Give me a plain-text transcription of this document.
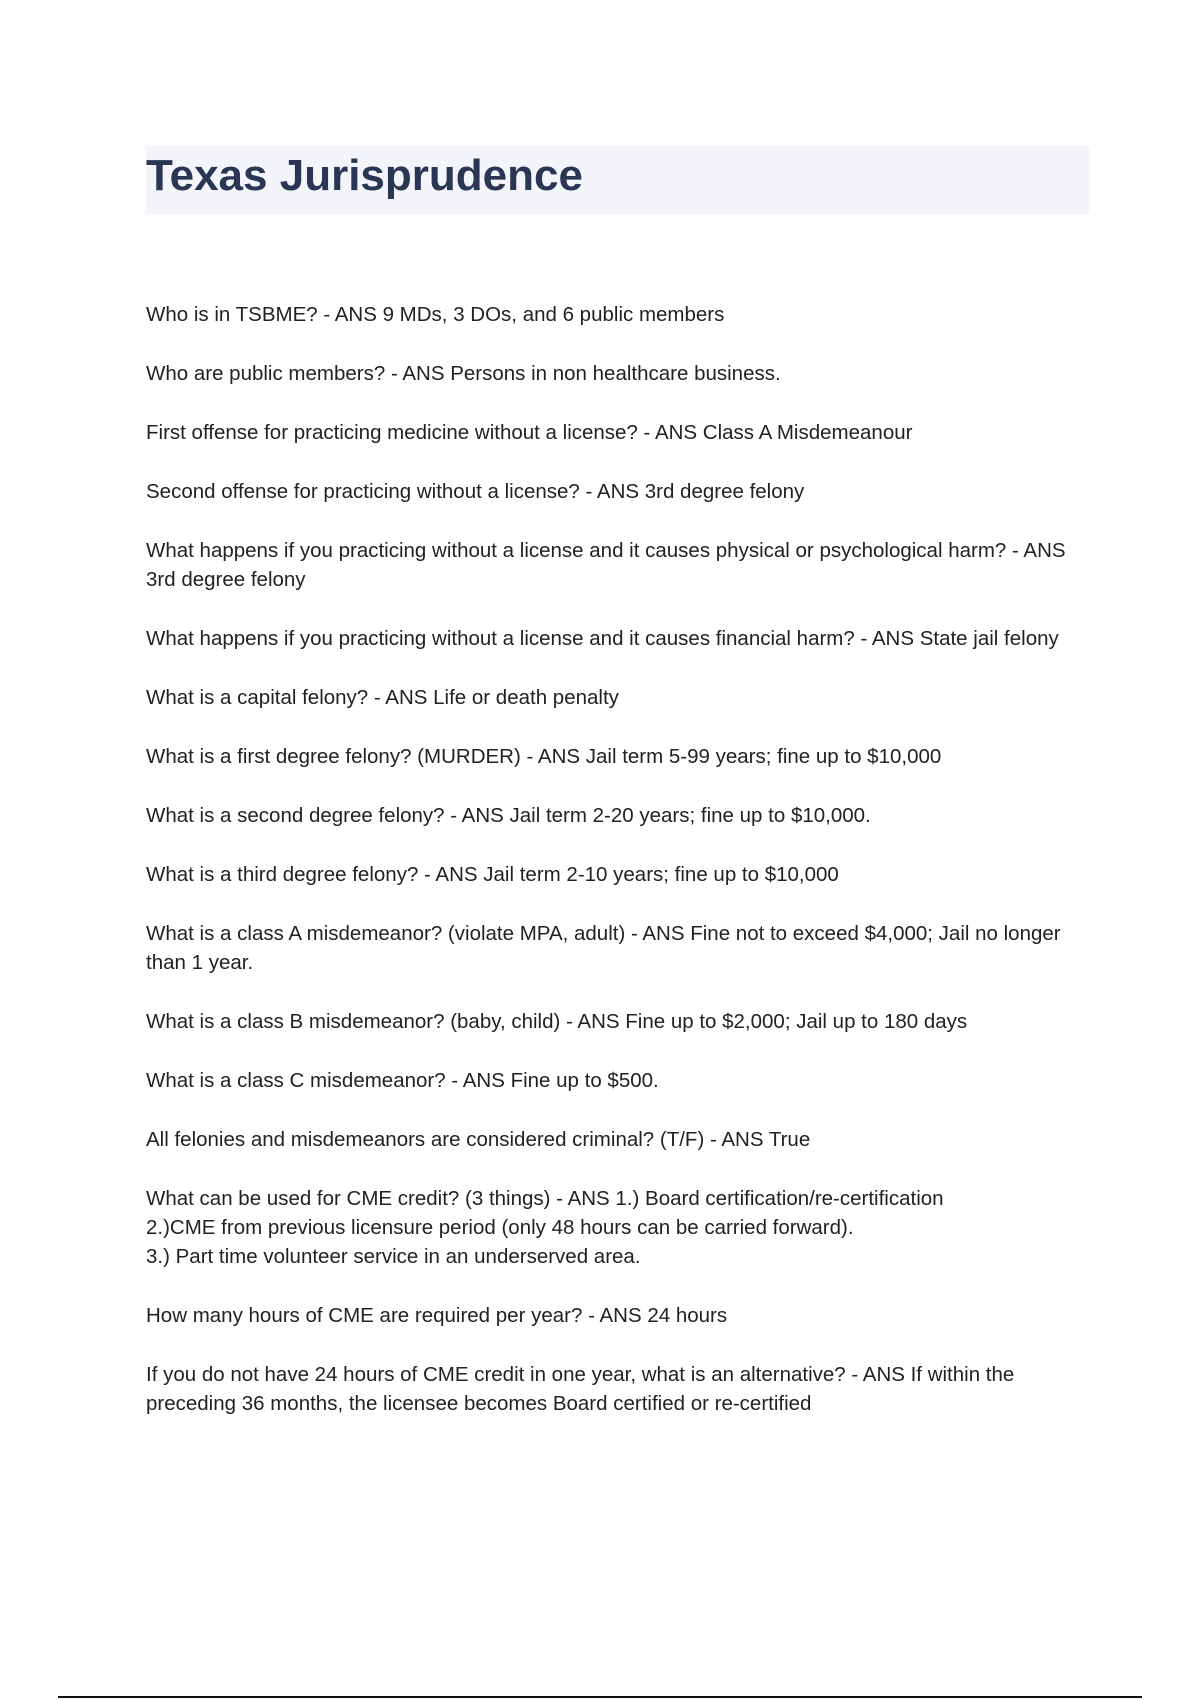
Texas Jurisprudence
Who is in TSBME? - ANS 9 MDs, 3 DOs, and 6 public members
Who are public members? - ANS Persons in non healthcare business.
First offense for practicing medicine without a license? - ANS Class A Misdemeanour
Second offense for practicing without a license? - ANS 3rd degree felony
What happens if you practicing without a license and it causes physical or psychological harm? - ANS 3rd degree felony
What happens if you practicing without a license and it causes financial harm? - ANS State jail felony
What is a capital felony? - ANS Life or death penalty
What is a first degree felony? (MURDER) - ANS Jail term 5-99 years; fine up to $10,000
What is a second degree felony? - ANS Jail term 2-20 years; fine up to $10,000.
What is a third degree felony? - ANS Jail term 2-10 years; fine up to $10,000
What is a class A misdemeanor? (violate MPA, adult) - ANS Fine not to exceed $4,000; Jail no longer than 1 year.
What is a class B misdemeanor? (baby, child) - ANS Fine up to $2,000; Jail up to 180 days
What is a class C misdemeanor? - ANS Fine up to $500.
All felonies and misdemeanors are considered criminal? (T/F) - ANS True
What can be used for CME credit? (3 things) - ANS 1.) Board certification/re-certification
2.)CME from previous licensure period (only 48 hours can be carried forward).
3.) Part time volunteer service in an underserved area.
How many hours of CME are required per year? - ANS 24 hours
If you do not have 24 hours of CME credit in one year, what is an alternative? - ANS If within the preceding 36 months, the licensee becomes Board certified or re-certified
